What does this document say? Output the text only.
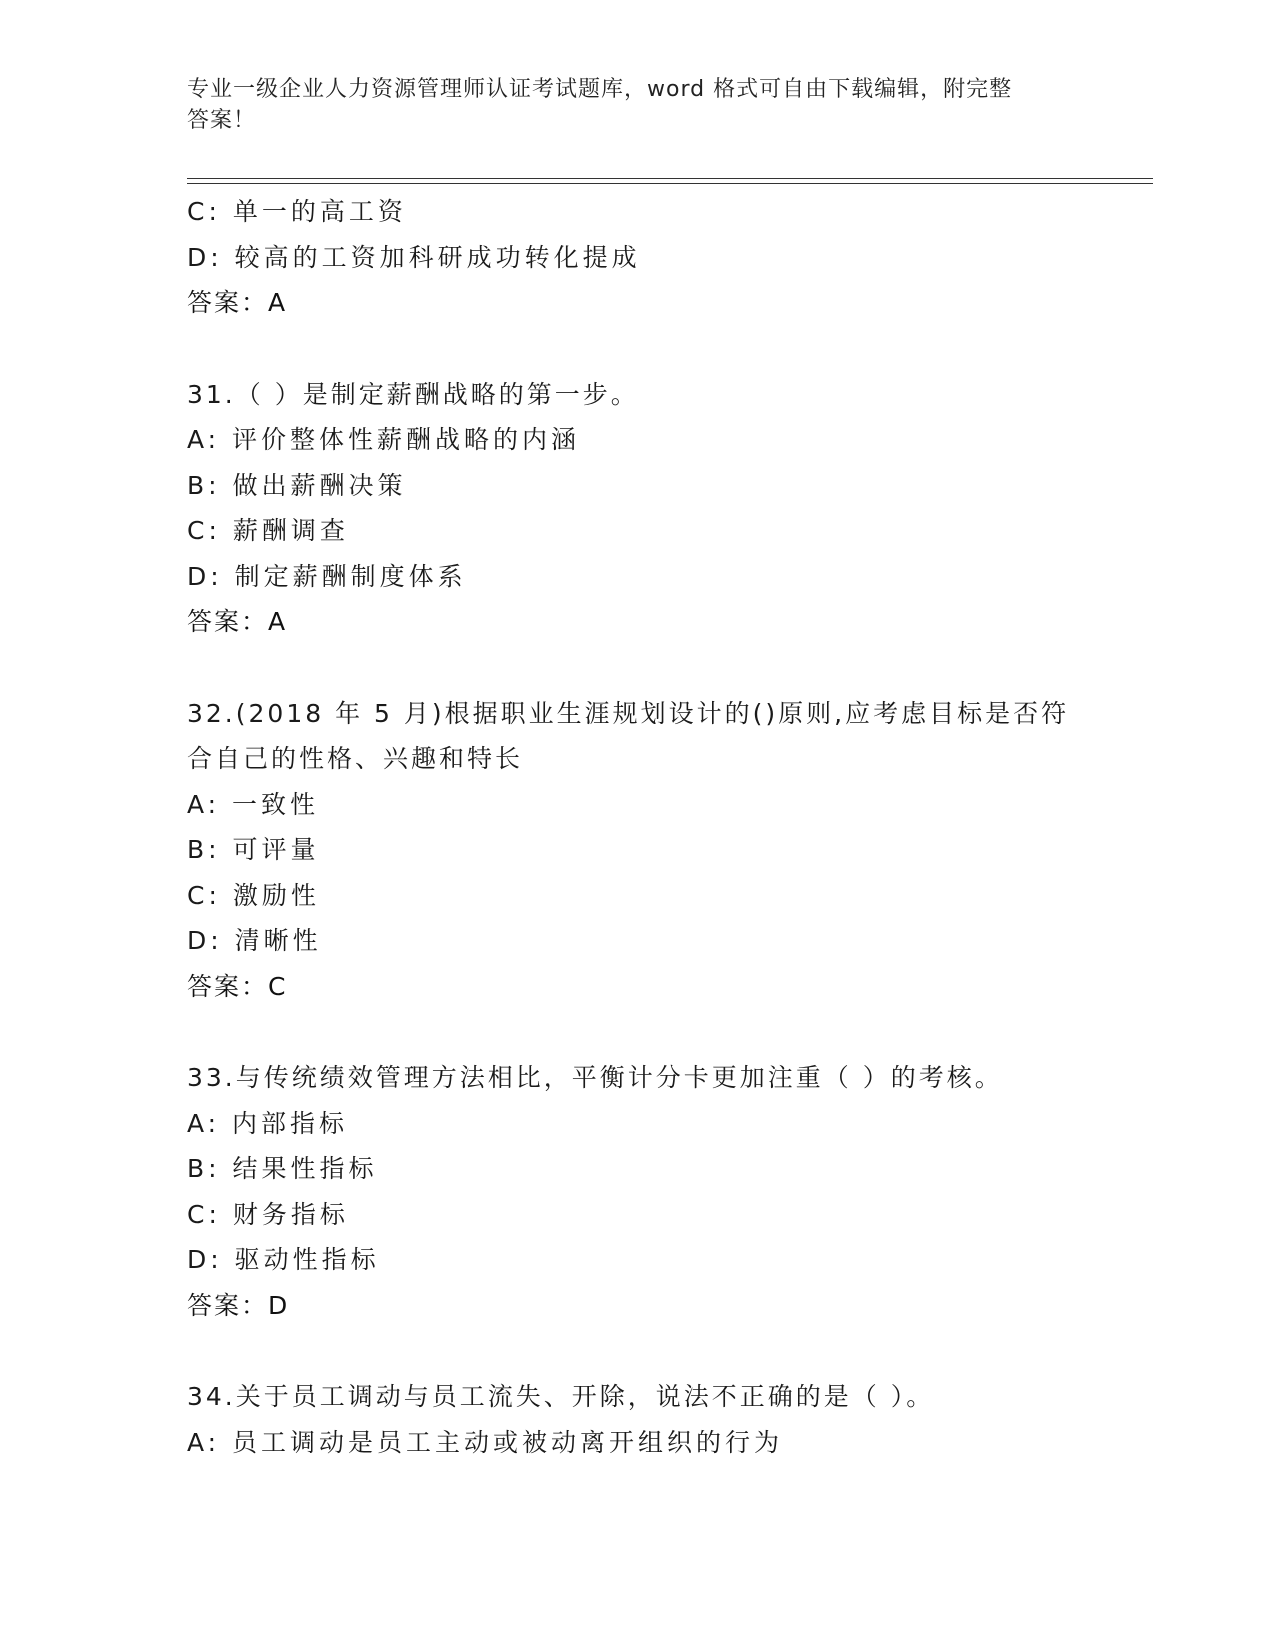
专业一级企业人力资源管理师认证考试题库，word 格式可自由下载编辑，附完整
答案！
C: 单一的高工资
D: 较高的工资加科研成功转化提成
答案：A
31.（ ）是制定薪酬战略的第一步。
A: 评价整体性薪酬战略的内涵
B: 做出薪酬决策
C: 薪酬调查
D: 制定薪酬制度体系
答案：A
32.(2018 年 5 月)根据职业生涯规划设计的()原则,应考虑目标是否符
合自己的性格、兴趣和特长
A: 一致性
B: 可评量
C: 激励性
D: 清晰性
答案：C
33.与传统绩效管理方法相比，平衡计分卡更加注重（ ）的考核。
A: 内部指标
B: 结果性指标
C: 财务指标
D: 驱动性指标
答案：D
34.关于员工调动与员工流失、开除，说法不正确的是（ ）。
A: 员工调动是员工主动或被动离开组织的行为
